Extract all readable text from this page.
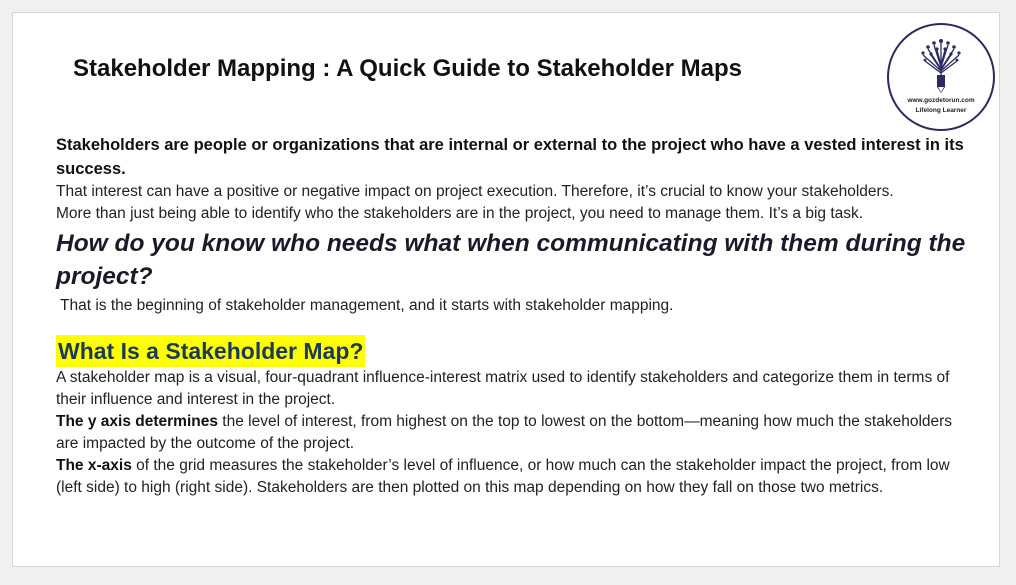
Stakeholder Mapping : A Quick Guide to Stakeholder Maps
www.gozdetorun.com
Lifelong Learner

Stakeholders are people or organizations that are internal or external to the project who have a vested interest in its success.

That interest can have a positive or negative impact on project execution. Therefore, it’s crucial to know your stakeholders.

More than just being able to identify who the stakeholders are in the project, you need to manage them. It’s a big task.

How do you know who needs what when communicating with them during the project?

That is the beginning of stakeholder management, and it starts with stakeholder mapping.

What Is a Stakeholder Map?

A stakeholder map is a visual, four-quadrant influence-interest matrix used to identify stakeholders and categorize them in terms of their influence and interest in the project.

The y axis determines the level of interest, from highest on the top to lowest on the bottom—meaning how much the stakeholders are impacted by the outcome of the project.

The x-axis of the grid measures the stakeholder’s level of influence, or how much can the stakeholder impact the project, from low (left side) to high (right side). Stakeholders are then plotted on this map depending on how they fall on those two metrics.
